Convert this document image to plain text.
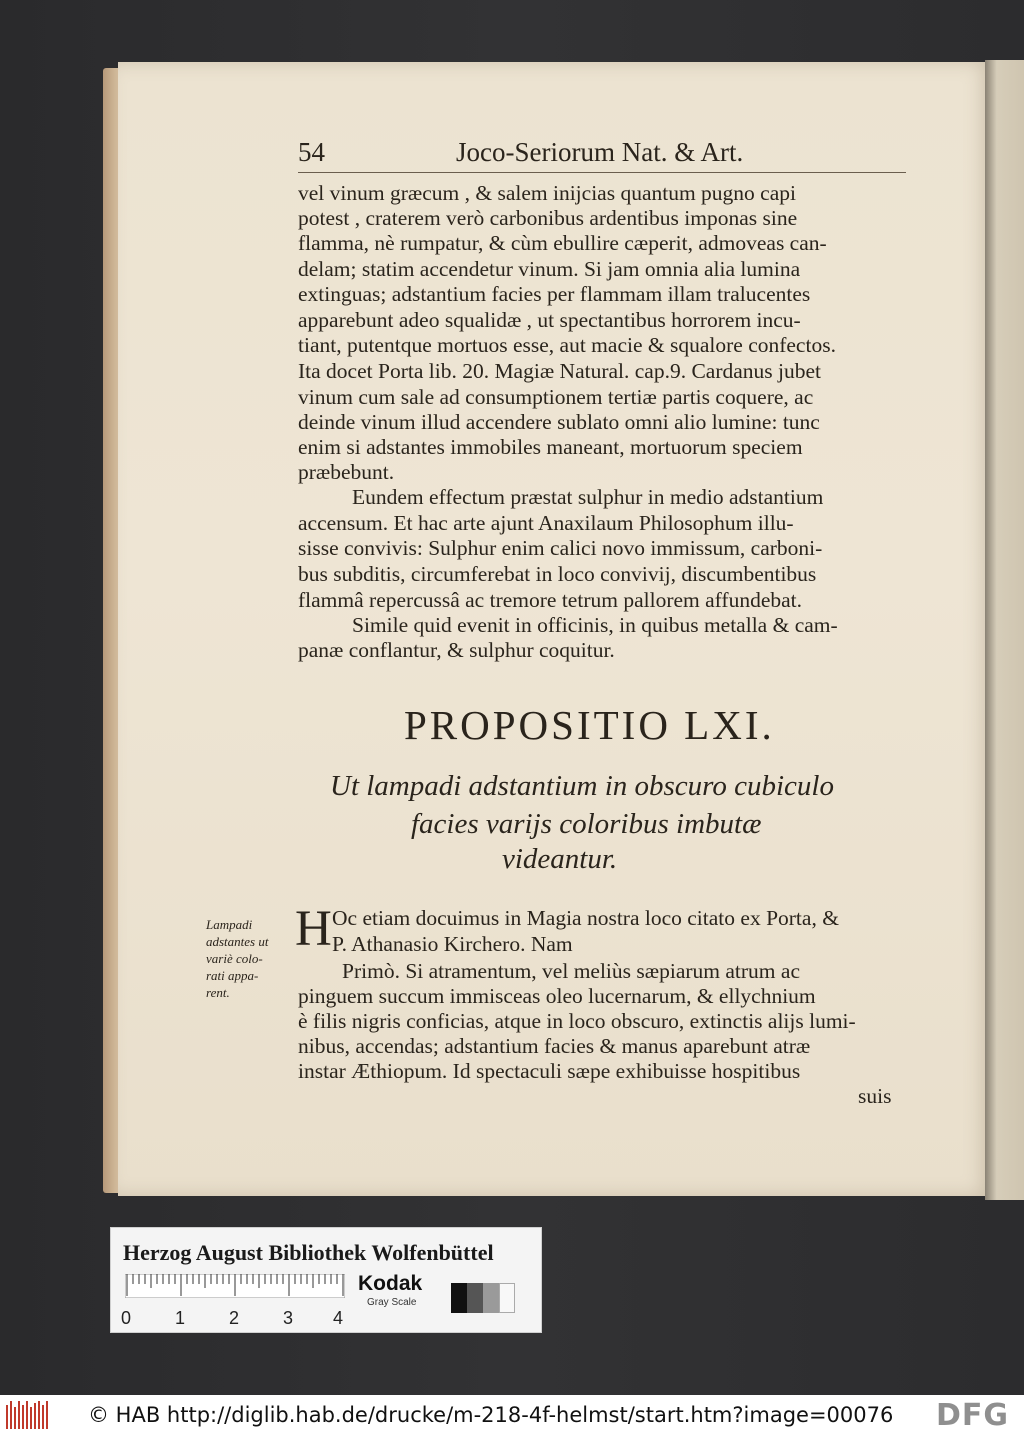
54	Joco-Seriorum Nat. & Art.
vel vinum græcum , & salem inijcias quantum pugno capi
potest , craterem verò carbonibus ardentibus imponas sine
flamma, nè rumpatur, & cùm ebullire cæperit, admoveas can-
delam; statim accendetur vinum. Si jam omnia alia lumina
extinguas; adstantium facies per flammam illam tralucentes
apparebunt adeo squalidæ , ut spectantibus horrorem incu-
tiant, putentque mortuos esse, aut macie & squalore confectos.
Ita docet Porta lib. 20. Magiæ Natural. cap.9. Cardanus jubet
vinum cum sale ad consumptionem tertiæ partis coquere, ac
deinde vinum illud accendere sublato omni alio lumine: tunc
enim si adstantes immobiles maneant, mortuorum speciem
præbebunt.
Eundem effectum præstat sulphur in medio adstantium
accensum. Et hac arte ajunt Anaxilaum Philosophum illu-
sisse convivis: Sulphur enim calici novo immissum, carboni-
bus subditis, circumferebat in loco convivij, discumbentibus
flammâ repercussâ ac tremore tetrum pallorem affundebat.
Simile quid evenit in officinis, in quibus metalla & cam-
panæ conflantur, & sulphur coquitur.
PROPOSITIO LXI.
Ut lampadi adstantium in obscuro cubiculo
facies varijs coloribus imbutæ
videantur.
H Oc etiam docuimus in Magia nostra loco citato ex Porta, &
P. Athanasio Kirchero. Nam
Primò. Si atramentum, vel meliùs sæpiarum atrum ac
pinguem succum immisceas oleo lucernarum, & ellychnium
è filis nigris conficias, atque in loco obscuro, extinctis alijs lumi-
nibus, accendas; adstantium facies & manus aparebunt atræ
instar Æthiopum. Id spectaculi sæpe exhibuisse hospitibus
suis
Lampadi
adstantes ut
variè colo-
rati appa-
rent.
Herzog August Bibliothek Wolfenbüttel
0 1 2 3 4
Kodak
Gray Scale
© HAB http://diglib.hab.de/drucke/m-218-4f-helmst/start.htm?image=00076 DFG
